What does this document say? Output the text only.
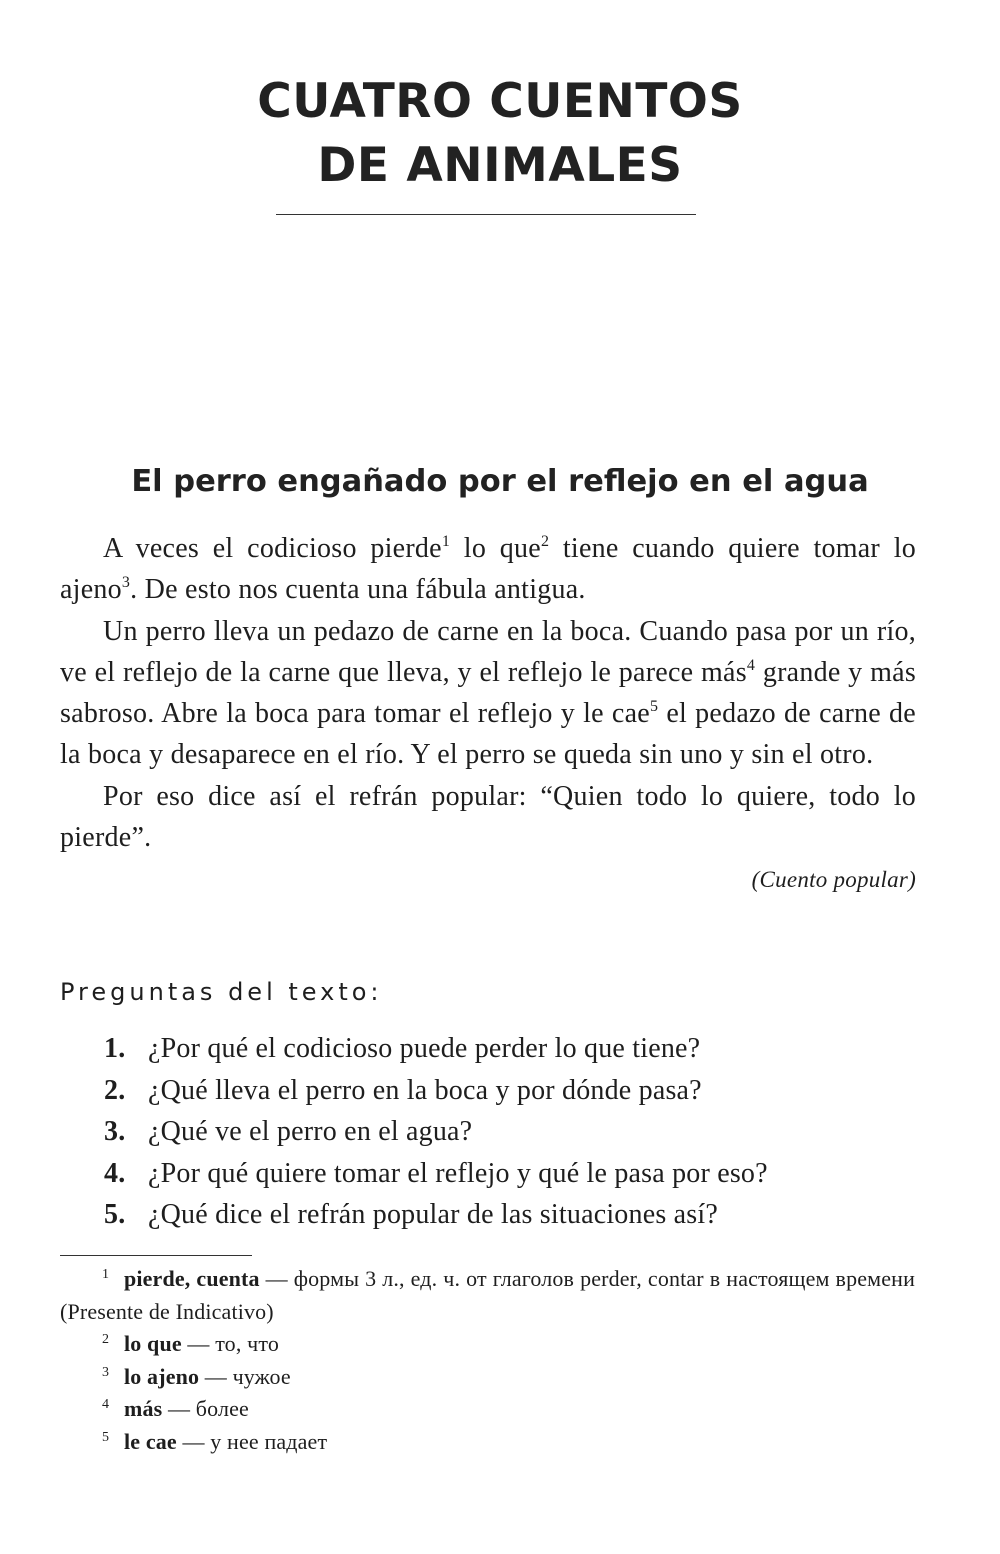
CUATRO CUENTOS
DE ANIMALES
El perro engañado por el reflejo en el agua

A veces el codicioso pierde$^1$ lo que$^2$ tiene cuando quiere tomar lo ajeno$^3$. De esto nos cuenta una fábula antigua.

Un perro lleva un pedazo de carne en la boca. Cuando pasa por un río, ve el reflejo de la carne que lleva, y el reflejo le parece más$^4$ grande y más sabroso. Abre la boca para tomar el reflejo y le cae$^5$ el pedazo de carne de la boca y desaparece en el río. Y el perro se queda sin uno y sin el otro.

Por eso dice así el refrán popular: “Quien todo lo quiere, todo lo pierde”.

(Cuento popular)
Preguntas del texto:
1. ¿Por qué el codicioso puede perder lo que tiene?
2. ¿Qué lleva el perro en la boca y por dónde pasa?
3. ¿Qué ve el perro en el agua?
4. ¿Por qué quiere tomar el reflejo y qué le pasa por eso?
5. ¿Qué dice el refrán popular de las situaciones así?
1 pierde, cuenta — формы 3 л., ед. ч. от глаголов perder, contar в настоящем времени (Presente de Indicativo)
2 lo que — то, что
3 lo ajeno — чужое
4 más — более
5 le cae — у нее падает
